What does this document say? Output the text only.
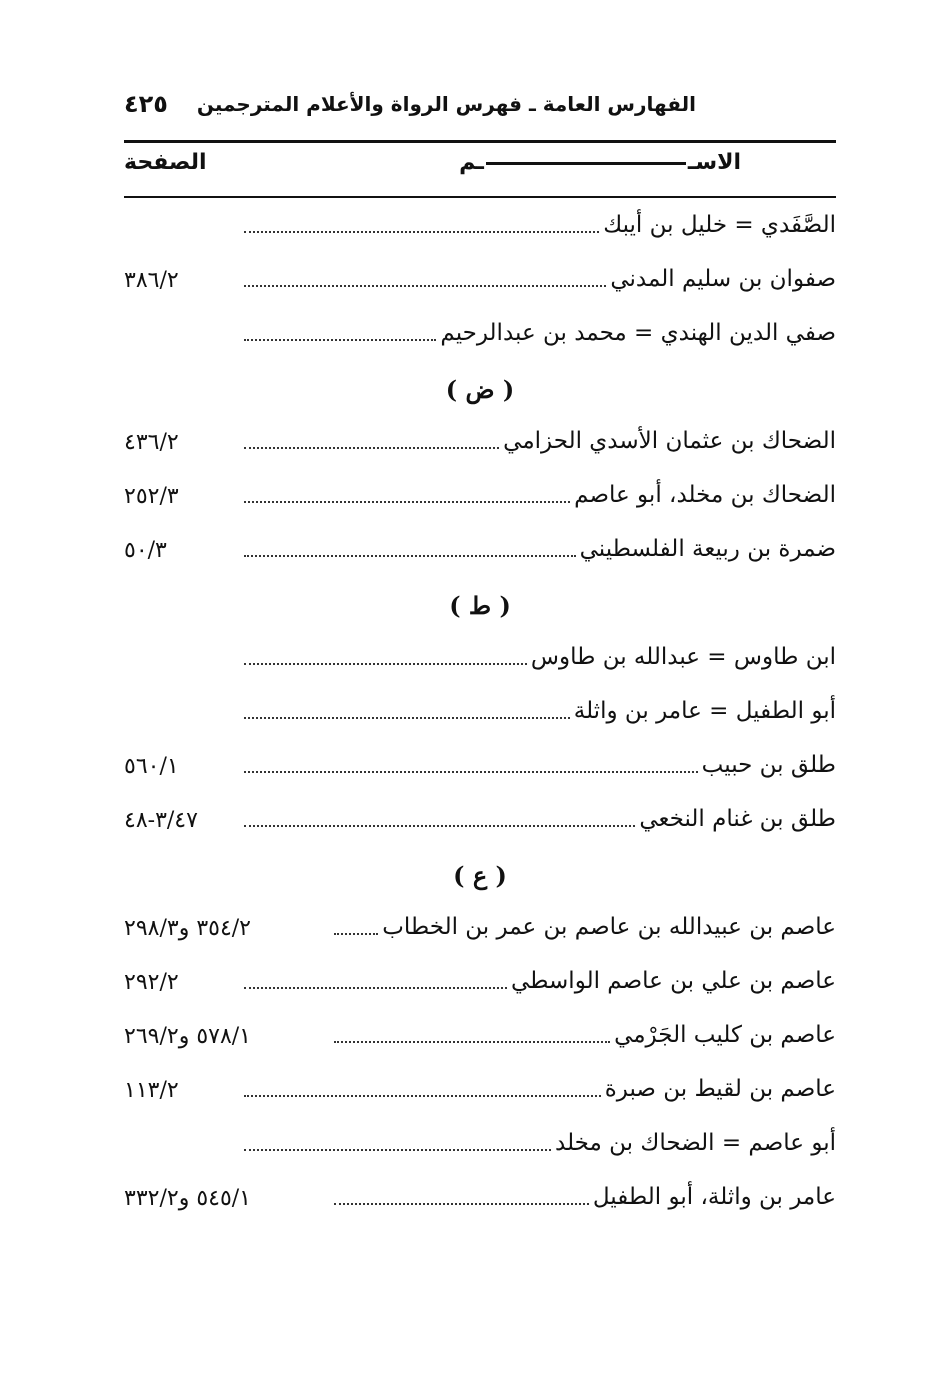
الفهارس العامة ـ فهرس الرواة والأعلام المترجمين
٤٢٥
الاســم
الصفحة
الصَّفَدي = خليل بن أيبك
صفوان بن سليم المدني
٣٨٦/٢
صفي الدين الهندي = محمد بن عبدالرحيم
( ض )
الضحاك بن عثمان الأسدي الحزامي
٤٣٦/٢
الضحاك بن مخلد، أبو عاصم
٢٥٢/٣
ضمرة بن ربيعة الفلسطيني
٥٠/٣
( ط )
ابن طاوس = عبدالله بن طاوس
أبو الطفيل = عامر بن واثلة
طلق بن حبيب
٥٦٠/١
طلق بن غنام النخعي
٣/٤٧-٤٨
( ع )
عاصم بن عبيدالله بن عاصم بن عمر بن الخطاب
٣٥٤/٢ و٢٩٨/٣
عاصم بن علي بن عاصم الواسطي
٢٩٢/٢
عاصم بن كليب الجَرْمي
٥٧٨/١ و٢٦٩/٢
عاصم بن لقيط بن صبرة
١١٣/٢
أبو عاصم = الضحاك بن مخلد
عامر بن واثلة، أبو الطفيل
٥٤٥/١ و٣٣٢/٢
